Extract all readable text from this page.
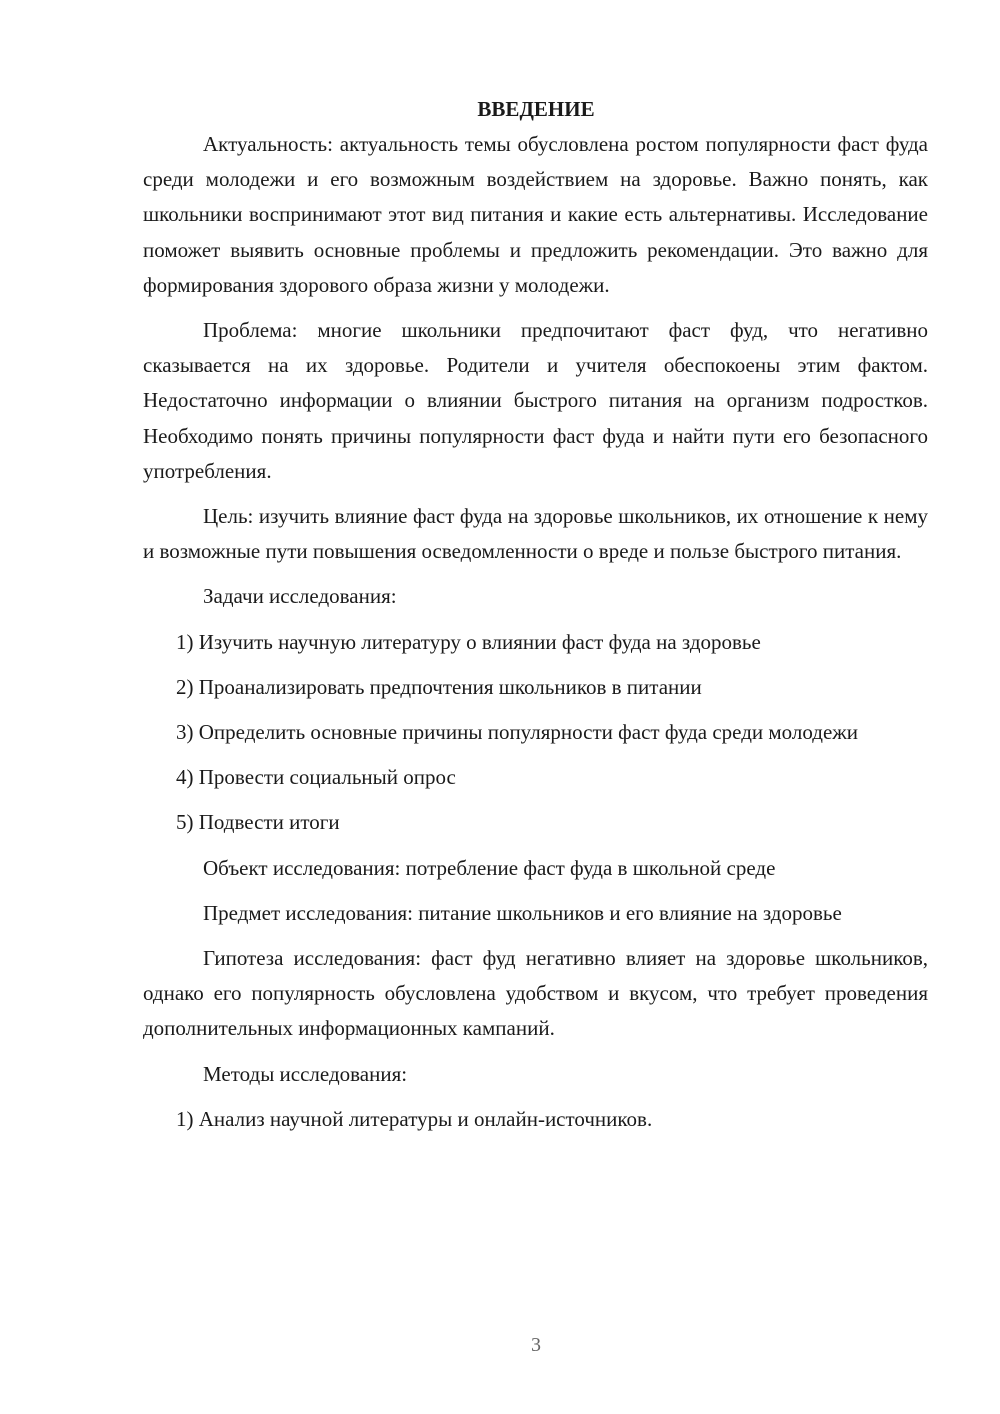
ВВЕДЕНИЕ

Актуальность: актуальность темы обусловлена ростом популярности фаст фуда среди молодежи и его возможным воздействием на здоровье. Важно понять, как школьники воспринимают этот вид питания и какие есть альтернативы. Исследование поможет выявить основные проблемы и предложить рекомендации. Это важно для формирования здорового образа жизни у молодежи.

Проблема: многие школьники предпочитают фаст фуд, что негативно сказывается на их здоровье. Родители и учителя обеспокоены этим фактом. Недостаточно информации о влиянии быстрого питания на организм подростков. Необходимо понять причины популярности фаст фуда и найти пути его безопасного употребления.

Цель: изучить влияние фаст фуда на здоровье школьников, их отношение к нему и возможные пути повышения осведомленности о вреде и пользе быстрого питания.

Задачи исследования:

1) Изучить научную литературу о влиянии фаст фуда на здоровье

2) Проанализировать предпочтения школьников в питании

3) Определить основные причины популярности фаст фуда среди молодежи

4) Провести социальный опрос

5) Подвести итоги

Объект исследования: потребление фаст фуда в школьной среде

Предмет исследования: питание школьников и его влияние на здоровье

Гипотеза исследования: фаст фуд негативно влияет на здоровье школьников, однако его популярность обусловлена удобством и вкусом, что требует проведения дополнительных информационных кампаний.

Методы исследования:

1) Анализ научной литературы и онлайн-источников.

3
